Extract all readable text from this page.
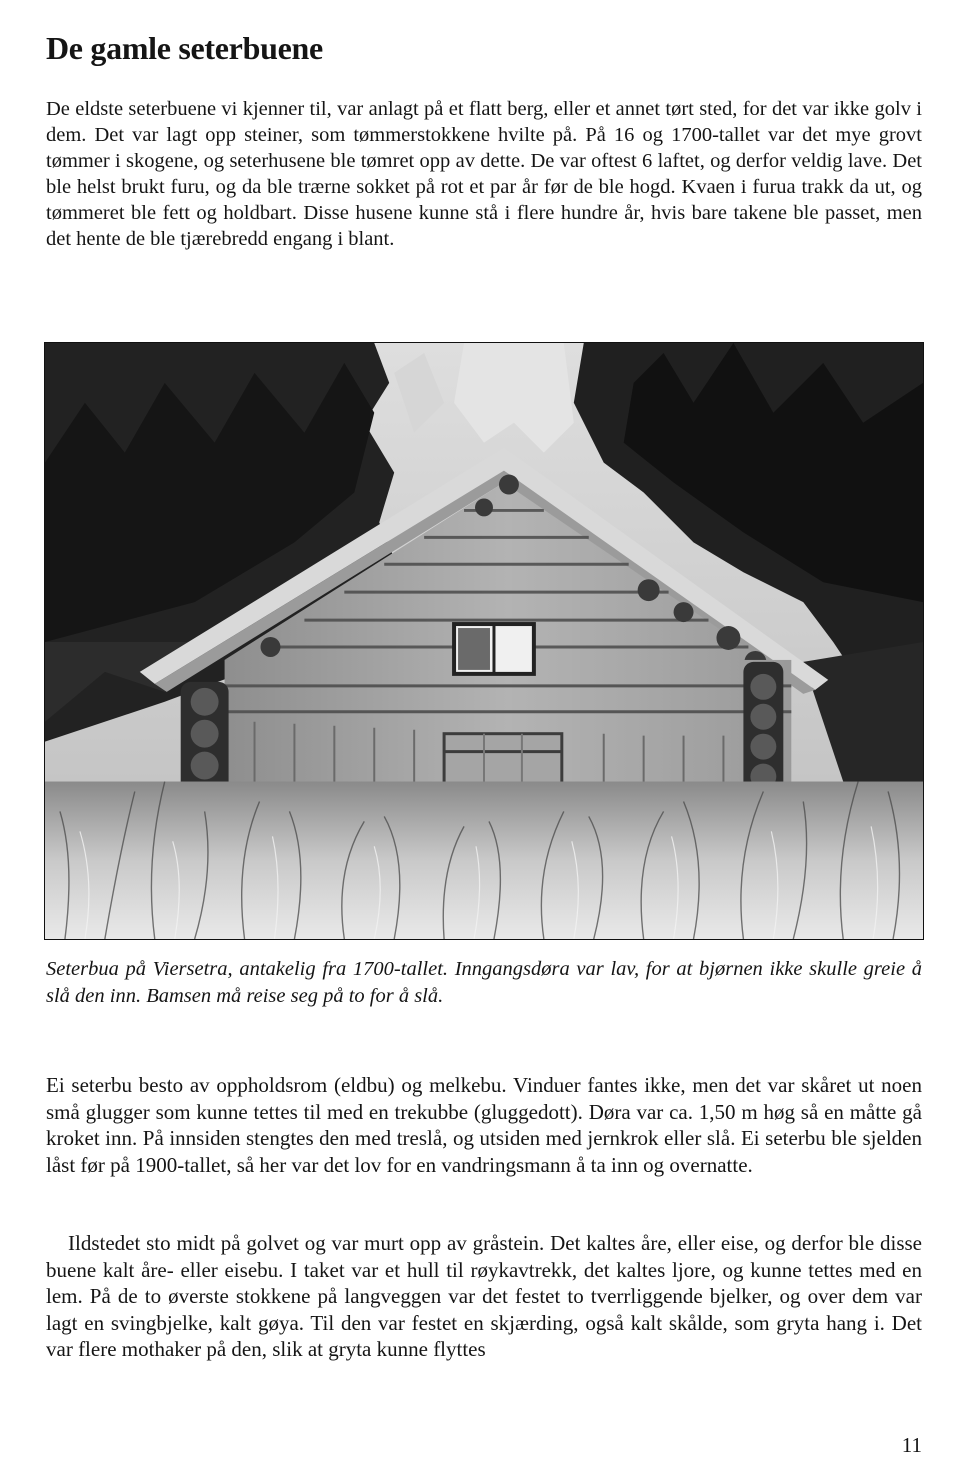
De gamle seterbuene

De eldste seterbuene vi kjenner til, var anlagt på et flatt berg, eller et annet tørt sted, for det var ikke golv i dem. Det var lagt opp steiner, som tømmerstokkene hvilte på. På 16 og 1700-tallet var det mye grovt tømmer i skogene, og seterhusene ble tømret opp av dette. De var oftest 6 laftet, og derfor veldig lave. Det ble helst brukt furu, og da ble trærne sokket på rot et par år før de ble hogd. Kvaen i furua trakk da ut, og tømmeret ble fett og holdbart. Disse husene kunne stå i flere hundre år, hvis bare takene ble passet, men det hente de ble tjærebredd engang i blant.

Seterbua på Viersetra, antakelig fra 1700-tallet. Inngangsdøra var lav, for at bjørnen ikke skulle greie å slå den inn. Bamsen må reise seg på to for å slå.

Ei seterbu besto av oppholdsrom (eldbu) og melkebu. Vinduer fantes ikke, men det var skåret ut noen små glugger som kunne tettes til med en trekubbe (gluggedott). Døra var ca. 1,50 m høg så en måtte gå kroket inn. På innsiden stengtes den med treslå, og utsiden med jernkrok eller slå. Ei seterbu ble sjelden låst før på 1900-tallet, så her var det lov for en vandringsmann å ta inn og overnatte.

Ildstedet sto midt på golvet og var murt opp av gråstein. Det kaltes åre, eller eise, og derfor ble disse buene kalt åre- eller eisebu. I taket var et hull til røykavtrekk, det kaltes ljore, og kunne tettes med en lem. På de to øverste stokkene på langveggen var det festet to tverrliggende bjelker, og over dem var lagt en svingbjelke, kalt gøya. Til den var festet en skjærding, også kalt skålde, som gryta hang i. Det var flere mothaker på den, slik at gryta kunne flyttes

11
